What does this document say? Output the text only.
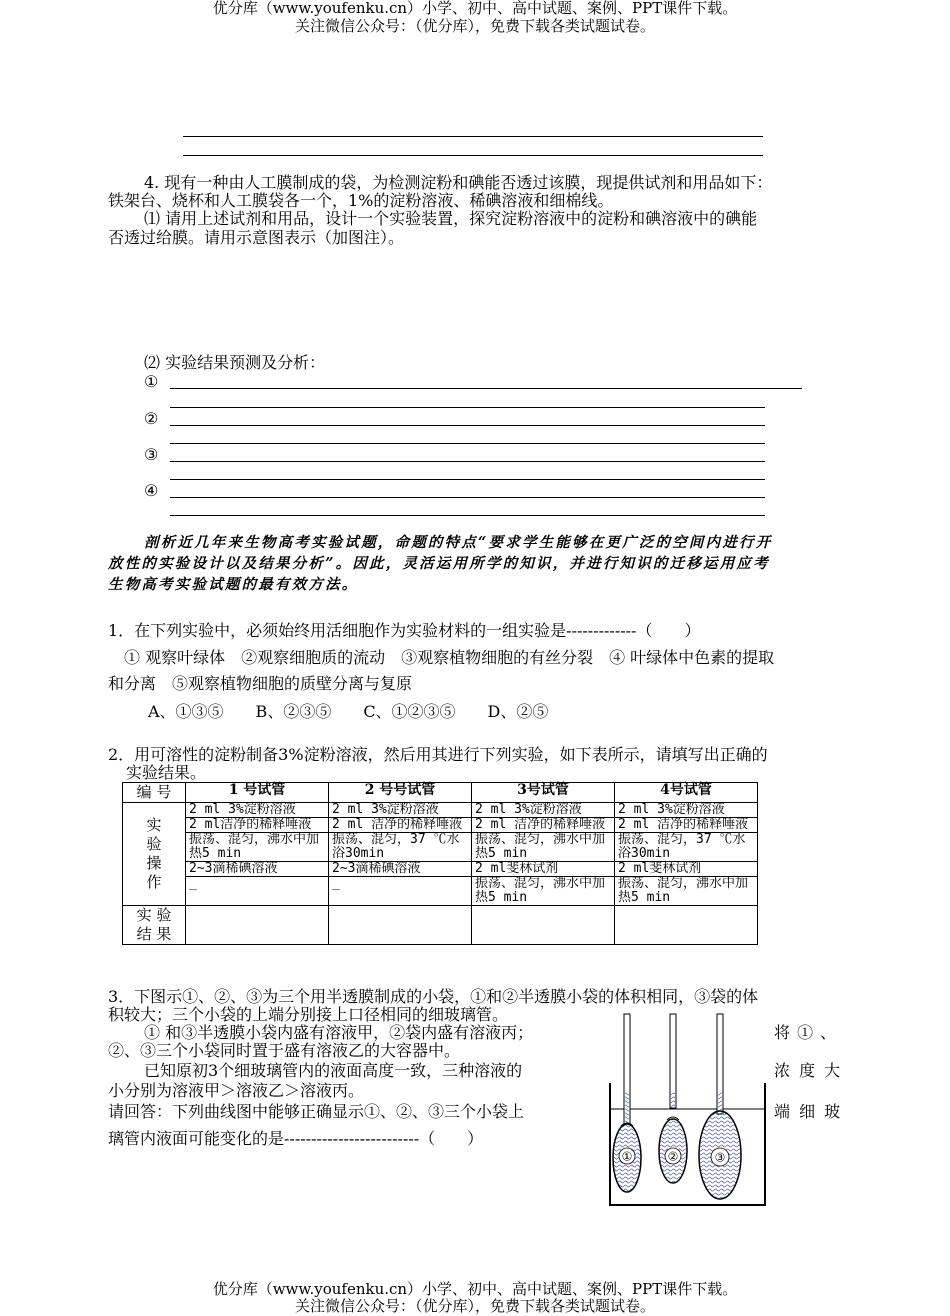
优分库（www.youfenku.cn）小学、初中、高中试题、案例、PPT课件下载。
关注微信公众号：（优分库），免费下载各类试题试卷。
4. 现有一种由人工膜制成的袋，为检测淀粉和碘能否透过该膜，现提供试剂和用品如下：
铁架台、烧杯和人工膜袋各一个，1%的淀粉溶液、稀碘溶液和细棉线。
⑴ 请用上述试剂和用品，设计一个实验装置，探究淀粉溶液中的淀粉和碘溶液中的碘能
否透过给膜。请用示意图表示（加图注）。
⑵ 实验结果预测及分析：
①
②
③
④
剖析近几年来生物高考实验试题，命题的特点“要求学生能够在更广泛的空间内进行开
放性的实验设计以及结果分析”。因此，灵活运用所学的知识，并进行知识的迁移运用应考
生物高考实验试题的最有效方法。
1．在下列实验中，必须始终用活细胞作为实验材料的一组实验是-------------（　　）
① 观察叶绿体　②观察细胞质的流动　③观察植物细胞的有丝分裂　④ 叶绿体中色素的提取
和分离　⑤观察植物细胞的质壁分离与复原
A、①③⑤　　B、②③⑤　　C、①②③⑤　　D、②⑤
2．用可溶性的淀粉制备3%淀粉溶液，然后用其进行下列实验，如下表所示，请填写出正确的
实验结果。
编 号	1 号试管	2 号号试管	3号试管	4号试管
实验操作	2 ml 3%淀粉溶液	2 ml 3%淀粉溶液	2 ml 3%淀粉溶液	2 ml 3%淀粉溶液
	2 ml洁净的稀释唾液	2 ml 洁净的稀释唾液	2 ml 洁净的稀释唾液	2 ml 洁净的稀释唾液
	振荡、混匀，沸水中加热5 min	振荡、混匀，37 ℃水浴30min	振荡、混匀，沸水中加热5 min	振荡、混匀，37 ℃水浴30min
	2~3滴稀碘溶液	2~3滴稀碘溶液	2 ml斐林试剂	2 ml斐林试剂
	_	_	振荡、混匀，沸水中加热5 min	振荡、混匀，沸水中加热5 min
实 验结 果				
3．下图示①、②、③为三个用半透膜制成的小袋，①和②半透膜小袋的体积相同，③袋的体
积较大；三个小袋的上端分别接上口径相同的细玻璃管。
① 和③半透膜小袋内盛有溶液甲，②袋内盛有溶液丙；	将 ① 、
②、③三个小袋同时置于盛有溶液乙的大容器中。
已知原初3个细玻璃管内的液面高度一致，三种溶液的	浓 度 大
小分别为溶液甲＞溶液乙＞溶液丙。
请回答：下列曲线图中能够正确显示①、②、③三个小袋上	端 细 玻
璃管内液面可能变化的是-------------------------（　　）
①	②	③
优分库（www.youfenku.cn）小学、初中、高中试题、案例、PPT课件下载。
关注微信公众号：（优分库），免费下载各类试题试卷。
